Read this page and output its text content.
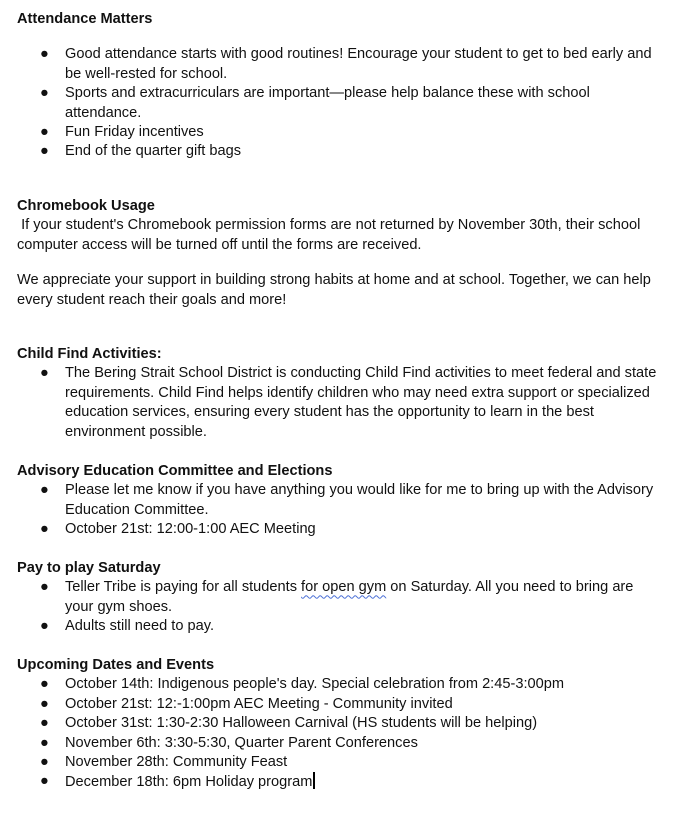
Attendance Matters
● Good attendance starts with good routines! Encourage your student to get to bed early and be well-rested for school.
● Sports and extracurriculars are important—please help balance these with school attendance.
● Fun Friday incentives
● End of the quarter gift bags
Chromebook Usage

If your student's Chromebook permission forms are not returned by November 30th, their school computer access will be turned off until the forms are received.

We appreciate your support in building strong habits at home and at school. Together, we can help every student reach their goals and more!

Child Find Activities:
● The Bering Strait School District is conducting Child Find activities to meet federal and state requirements. Child Find helps identify children who may need extra support or specialized education services, ensuring every student has the opportunity to learn in the best environment possible.
Advisory Education Committee and Elections
● Please let me know if you have anything you would like for me to bring up with the Advisory Education Committee.
● October 21st: 12:00-1:00 AEC Meeting
Pay to play Saturday
● Teller Tribe is paying for all students for open gym on Saturday. All you need to bring are your gym shoes.
● Adults still need to pay.
Upcoming Dates and Events
● October 14th: Indigenous people's day. Special celebration from 2:45-3:00pm
● October 21st: 12:-1:00pm AEC Meeting - Community invited
● October 31st: 1:30-2:30 Halloween Carnival (HS students will be helping)
● November 6th: 3:30-5:30, Quarter Parent Conferences
● November 28th: Community Feast
● December 18th: 6pm Holiday program
